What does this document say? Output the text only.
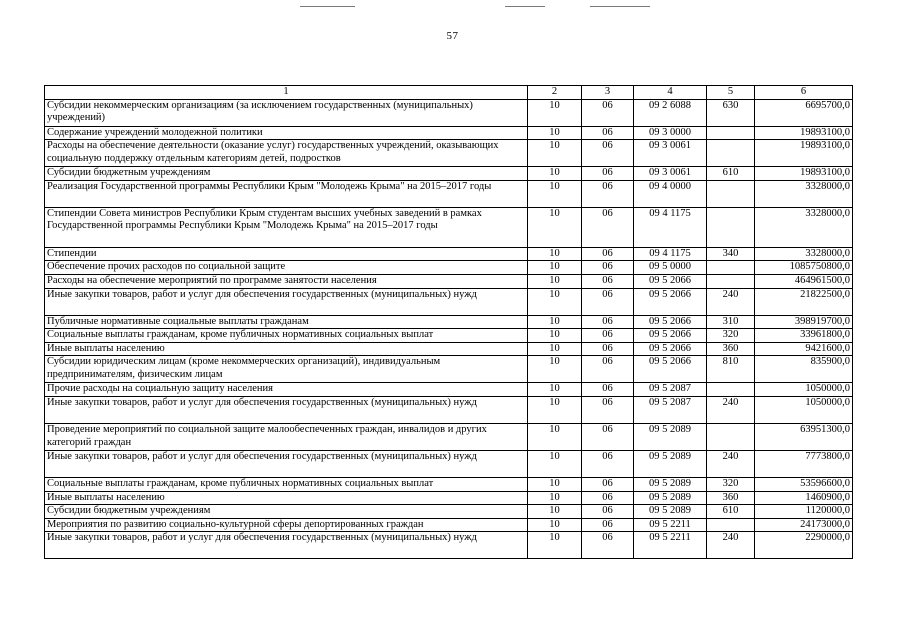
57
1	2	3	4	5	6
Субсидии некоммерческим организациям (за исключением государственных (муниципальных) учреждений)	10	06	09 2 6088	630	6695700,0
Содержание учреждений молодежной политики	10	06	09 3 0000		19893100,0
Расходы на обеспечение деятельности (оказание услуг) государственных учреждений, оказывающих социальную поддержку отдельным категориям детей, подростков	10	06	09 3 0061		19893100,0
Субсидии бюджетным учреждениям	10	06	09 3 0061	610	19893100,0
Реализация Государственной программы Республики Крым "Молодежь Крыма" на 2015–2017 годы	10	06	09 4 0000		3328000,0
Стипендии Совета министров Республики Крым студентам высших учебных заведений в рамках Государственной программы Республики Крым "Молодежь Крыма" на 2015–2017 годы	10	06	09 4 1175		3328000,0
Стипендии	10	06	09 4 1175	340	3328000,0
Обеспечение прочих расходов по социальной защите	10	06	09 5 0000		1085750800,0
Расходы на обеспечение мероприятий по программе занятости населения	10	06	09 5 2066		464961500,0
Иные закупки товаров, работ и услуг для обеспечения государственных (муниципальных) нужд	10	06	09 5 2066	240	21822500,0
Публичные нормативные социальные выплаты гражданам	10	06	09 5 2066	310	398919700,0
Социальные выплаты гражданам, кроме публичных нормативных социальных выплат	10	06	09 5 2066	320	33961800,0
Иные выплаты населению	10	06	09 5 2066	360	9421600,0
Субсидии юридическим лицам (кроме некоммерческих организаций), индивидуальным предпринимателям, физическим лицам	10	06	09 5 2066	810	835900,0
Прочие расходы на социальную защиту населения	10	06	09 5 2087		1050000,0
Иные закупки товаров, работ и услуг для обеспечения государственных (муниципальных) нужд	10	06	09 5 2087	240	1050000,0
Проведение мероприятий по социальной защите малообеспеченных граждан, инвалидов и других категорий граждан	10	06	09 5 2089		63951300,0
Иные закупки товаров, работ и услуг для обеспечения государственных (муниципальных) нужд	10	06	09 5 2089	240	7773800,0
Социальные выплаты гражданам, кроме публичных нормативных социальных выплат	10	06	09 5 2089	320	53596600,0
Иные выплаты населению	10	06	09 5 2089	360	1460900,0
Субсидии бюджетным учреждениям	10	06	09 5 2089	610	1120000,0
Мероприятия по развитию социально-культурной сферы депортированных граждан	10	06	09 5 2211		24173000,0
Иные закупки товаров, работ и услуг для обеспечения государственных (муниципальных) нужд	10	06	09 5 2211	240	2290000,0
